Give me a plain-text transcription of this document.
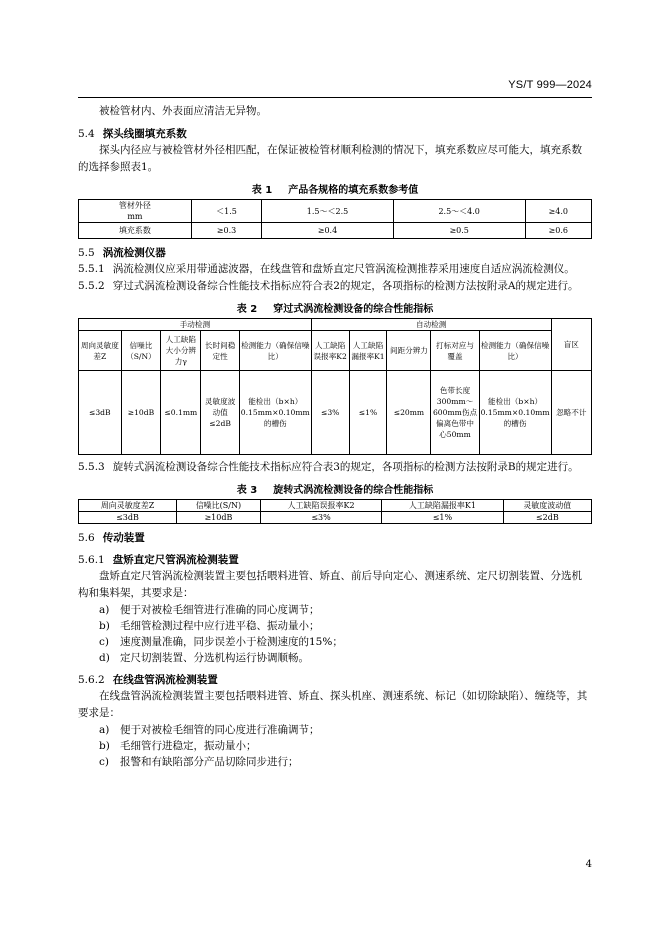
YS/T 999—2024

被检管材内、外表面应清洁无异物。

5.4 探头线圈填充系数

探头内径应与被检管材外径相匹配，在保证被检管材顺利检测的情况下，填充系数应尽可能大，填充系数的选择参照表1。

表 1 产品各规格的填充系数参考值
管材外径
mm	＜1.5	1.5～＜2.5	2.5～＜4.0	≥4.0
填充系数	≥0.3	≥0.4	≥0.5	≥0.6
5.5 涡流检测仪器

5.5.1 涡流检测仪应采用带通滤波器，在线盘管和盘矫直定尺管涡流检测推荐采用速度自适应涡流检测仪。

5.5.2 穿过式涡流检测设备综合性能技术指标应符合表2的规定，各项指标的检测方法按附录A的规定进行。

表 2 穿过式涡流检测设备的综合性能指标
手动检测					自动检测					盲区
周向灵敏度差Z	信噪比（S/N）	人工缺陷大小分辨力γ	长时间稳定性	检测能力（确保信噪比）	人工缺陷误报率K2	人工缺陷漏报率K1	间距分辨力	打标对应与覆盖	检测能力（确保信噪比）	
≤3dB	≥10dB	≤0.1mm	灵敏度波动值≤2dB	能检出（b×h）0.15mm×0.10mm的槽伤	≤3%	≤1%	≤20mm	色带长度300mm～600mm伤点偏离色带中心50mm	能检出（b×h）0.15mm×0.10mm的槽伤	忽略不计

5.5.3 旋转式涡流检测设备综合性能技术指标应符合表3的规定，各项指标的检测方法按附录B的规定进行。

表 3 旋转式涡流检测设备的综合性能指标
周向灵敏度差Z	信噪比(S/N)	人工缺陷误报率K2	人工缺陷漏报率K1	灵敏度波动值
≤3dB	≥10dB	≤3%	≤1%	≤2dB
5.6 传动装置
5.6.1 盘矫直定尺管涡流检测装置

盘矫直定尺管涡流检测装置主要包括喂料进管、矫直、前后导向定心、测速系统、定尺切割装置、分选机构和集料架，其要求是：

a) 便于对被检毛细管进行准确的同心度调节；
b) 毛细管检测过程中应行进平稳、振动量小；
c) 速度测量准确，同步误差小于检测速度的15%；
d) 定尺切割装置、分选机构运行协调顺畅。
5.6.2 在线盘管涡流检测装置

在线盘管涡流检测装置主要包括喂料进管、矫直、探头机座、测速系统、标记（如切除缺陷）、缠绕等，其要求是：

a) 便于对被检毛细管的同心度进行准确调节；
b) 毛细管行进稳定，振动量小；
c) 报警和有缺陷部分产品切除同步进行；
4
